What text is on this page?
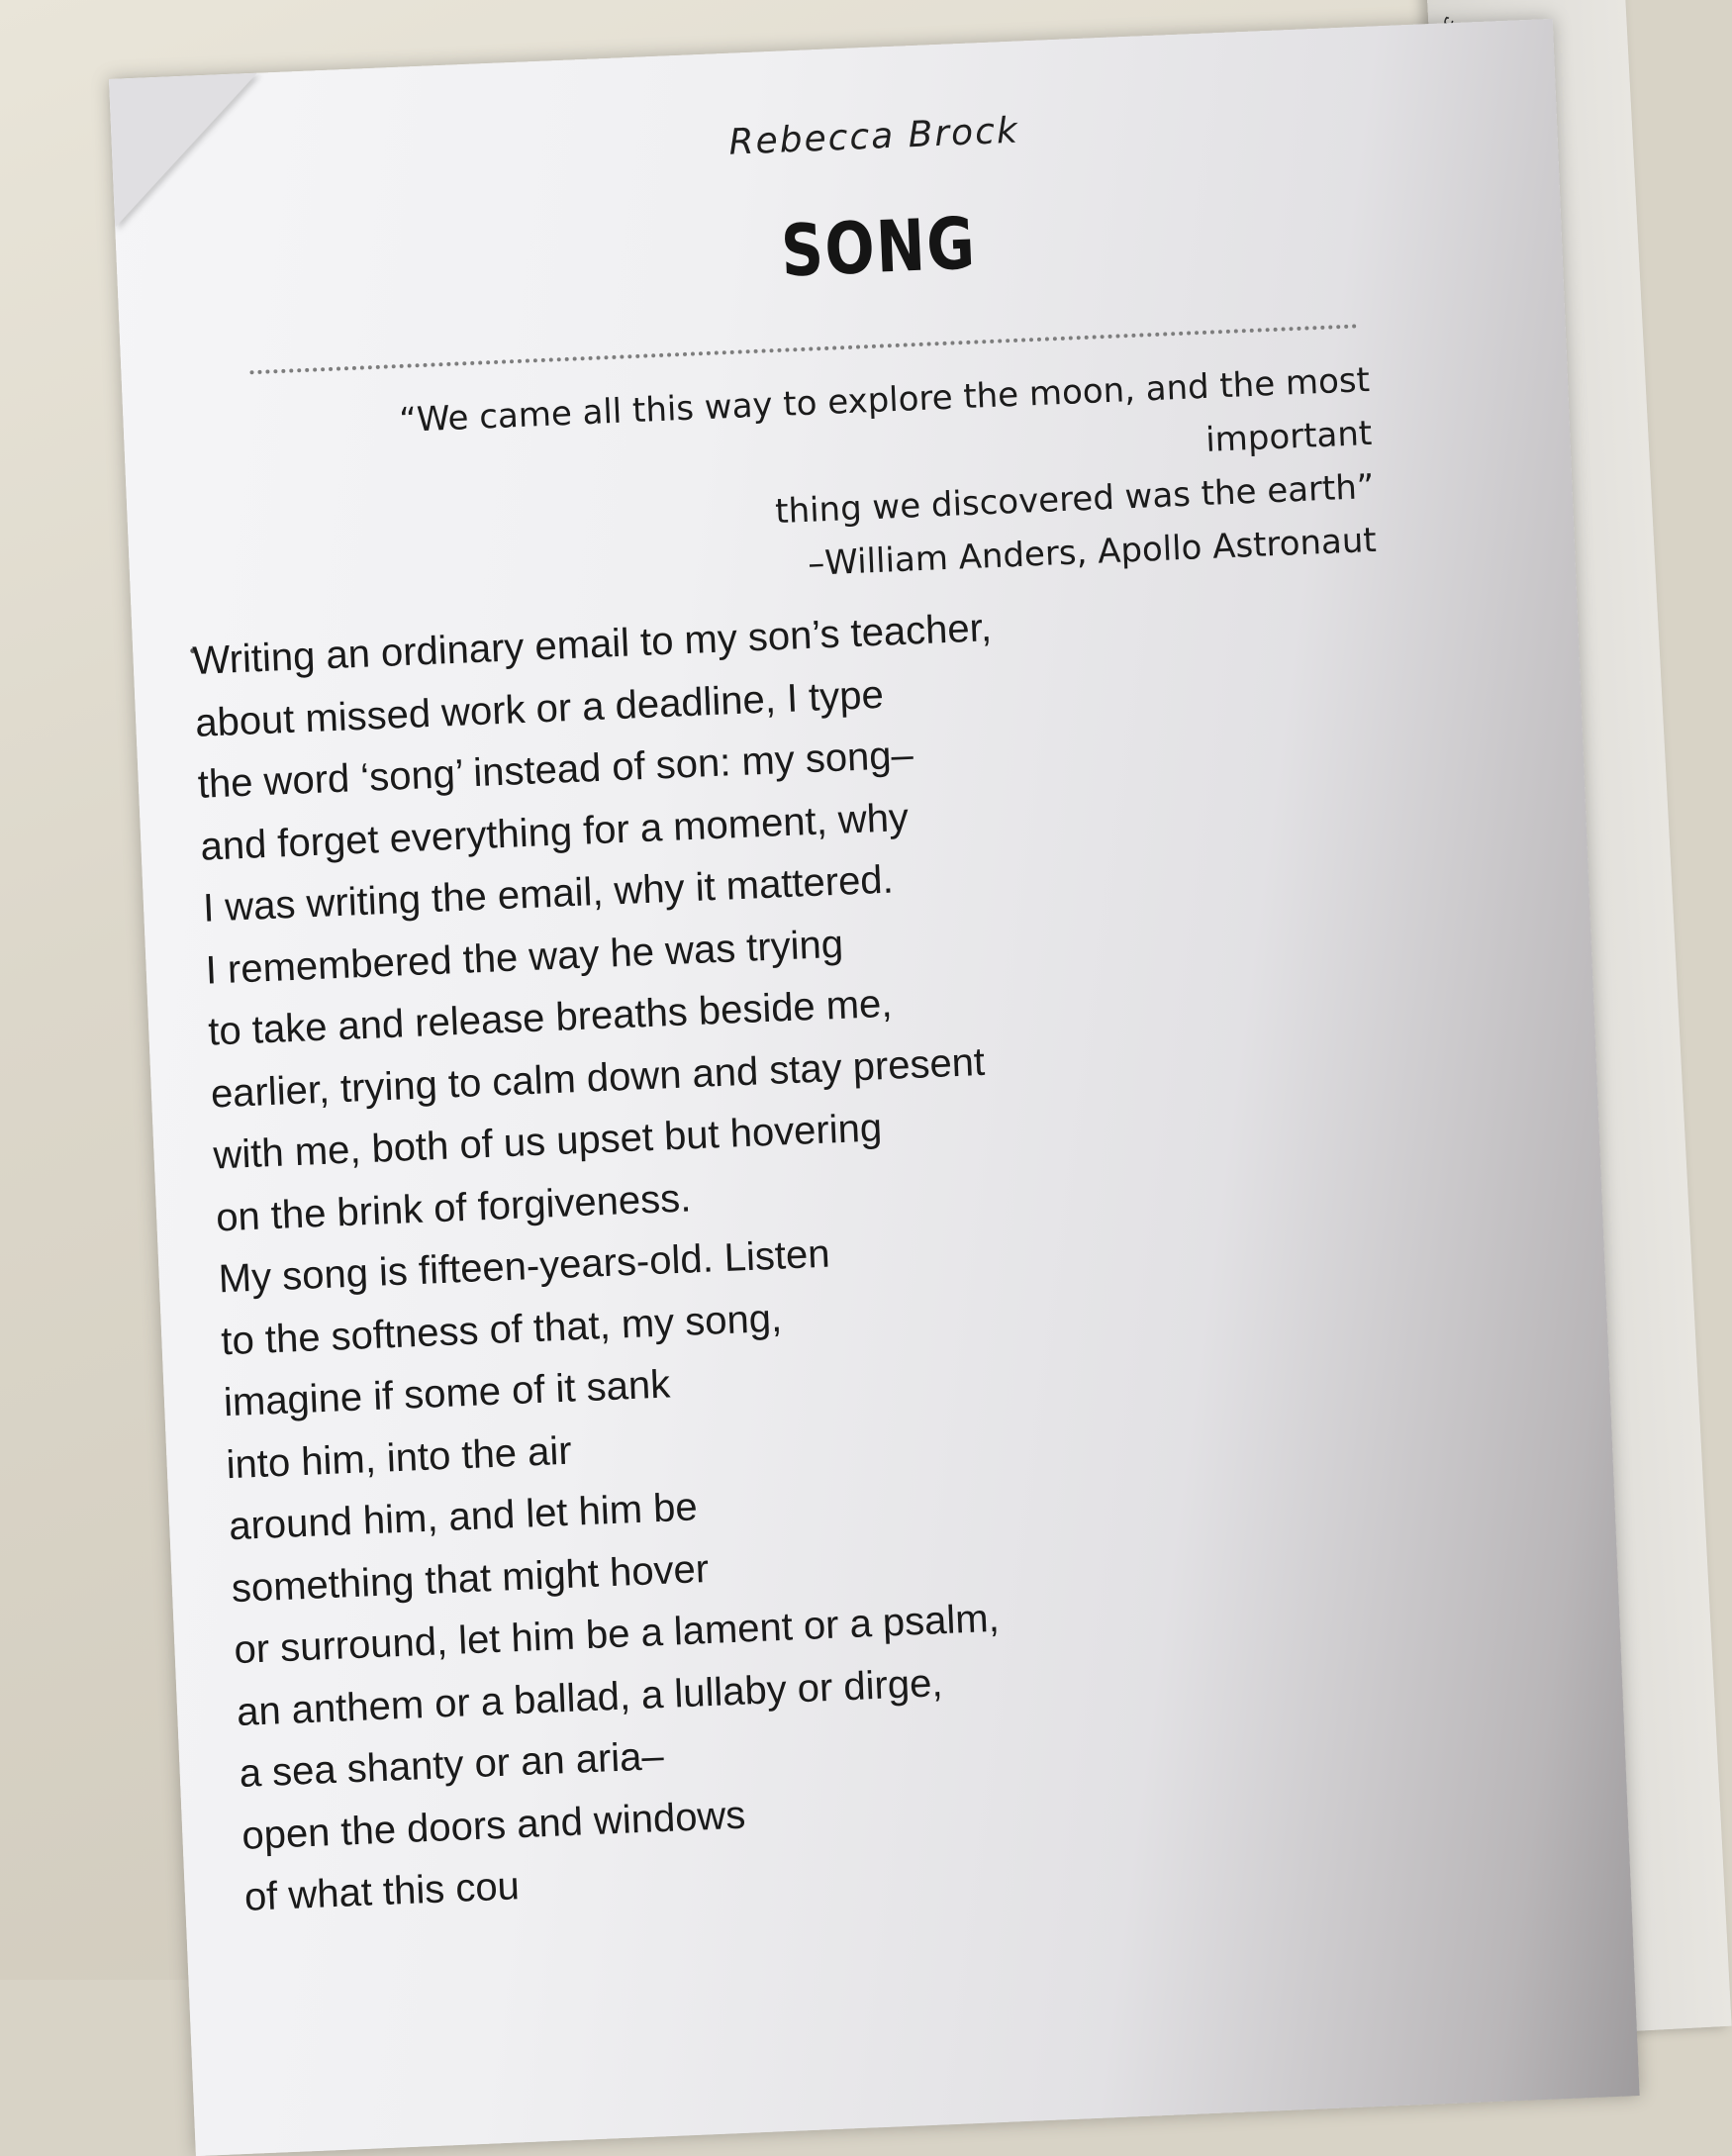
Rebecca Brock
SONG
“We came all this way to explore the moon, and the most important
thing we discovered was the earth”
–William Anders, Apollo Astronaut
Writing an ordinary email to my son’s teacher,
about missed work or a deadline, I type
the word ‘song’ instead of son: my song–
and forget everything for a moment, why
I was writing the email, why it mattered.
I remembered the way he was trying
to take and release breaths beside me,
earlier, trying to calm down and stay present
with me, both of us upset but hovering
on the brink of forgiveness.
My song is fifteen-years-old. Listen
to the softness of that, my song,
imagine if some of it sank
into him, into the air
around him, and let him be
something that might hover
or surround, let him be a lament or a psalm,
an anthem or a ballad, a lullaby or dirge,
a sea shanty or an aria–
open the doors and windows
of what this cou
